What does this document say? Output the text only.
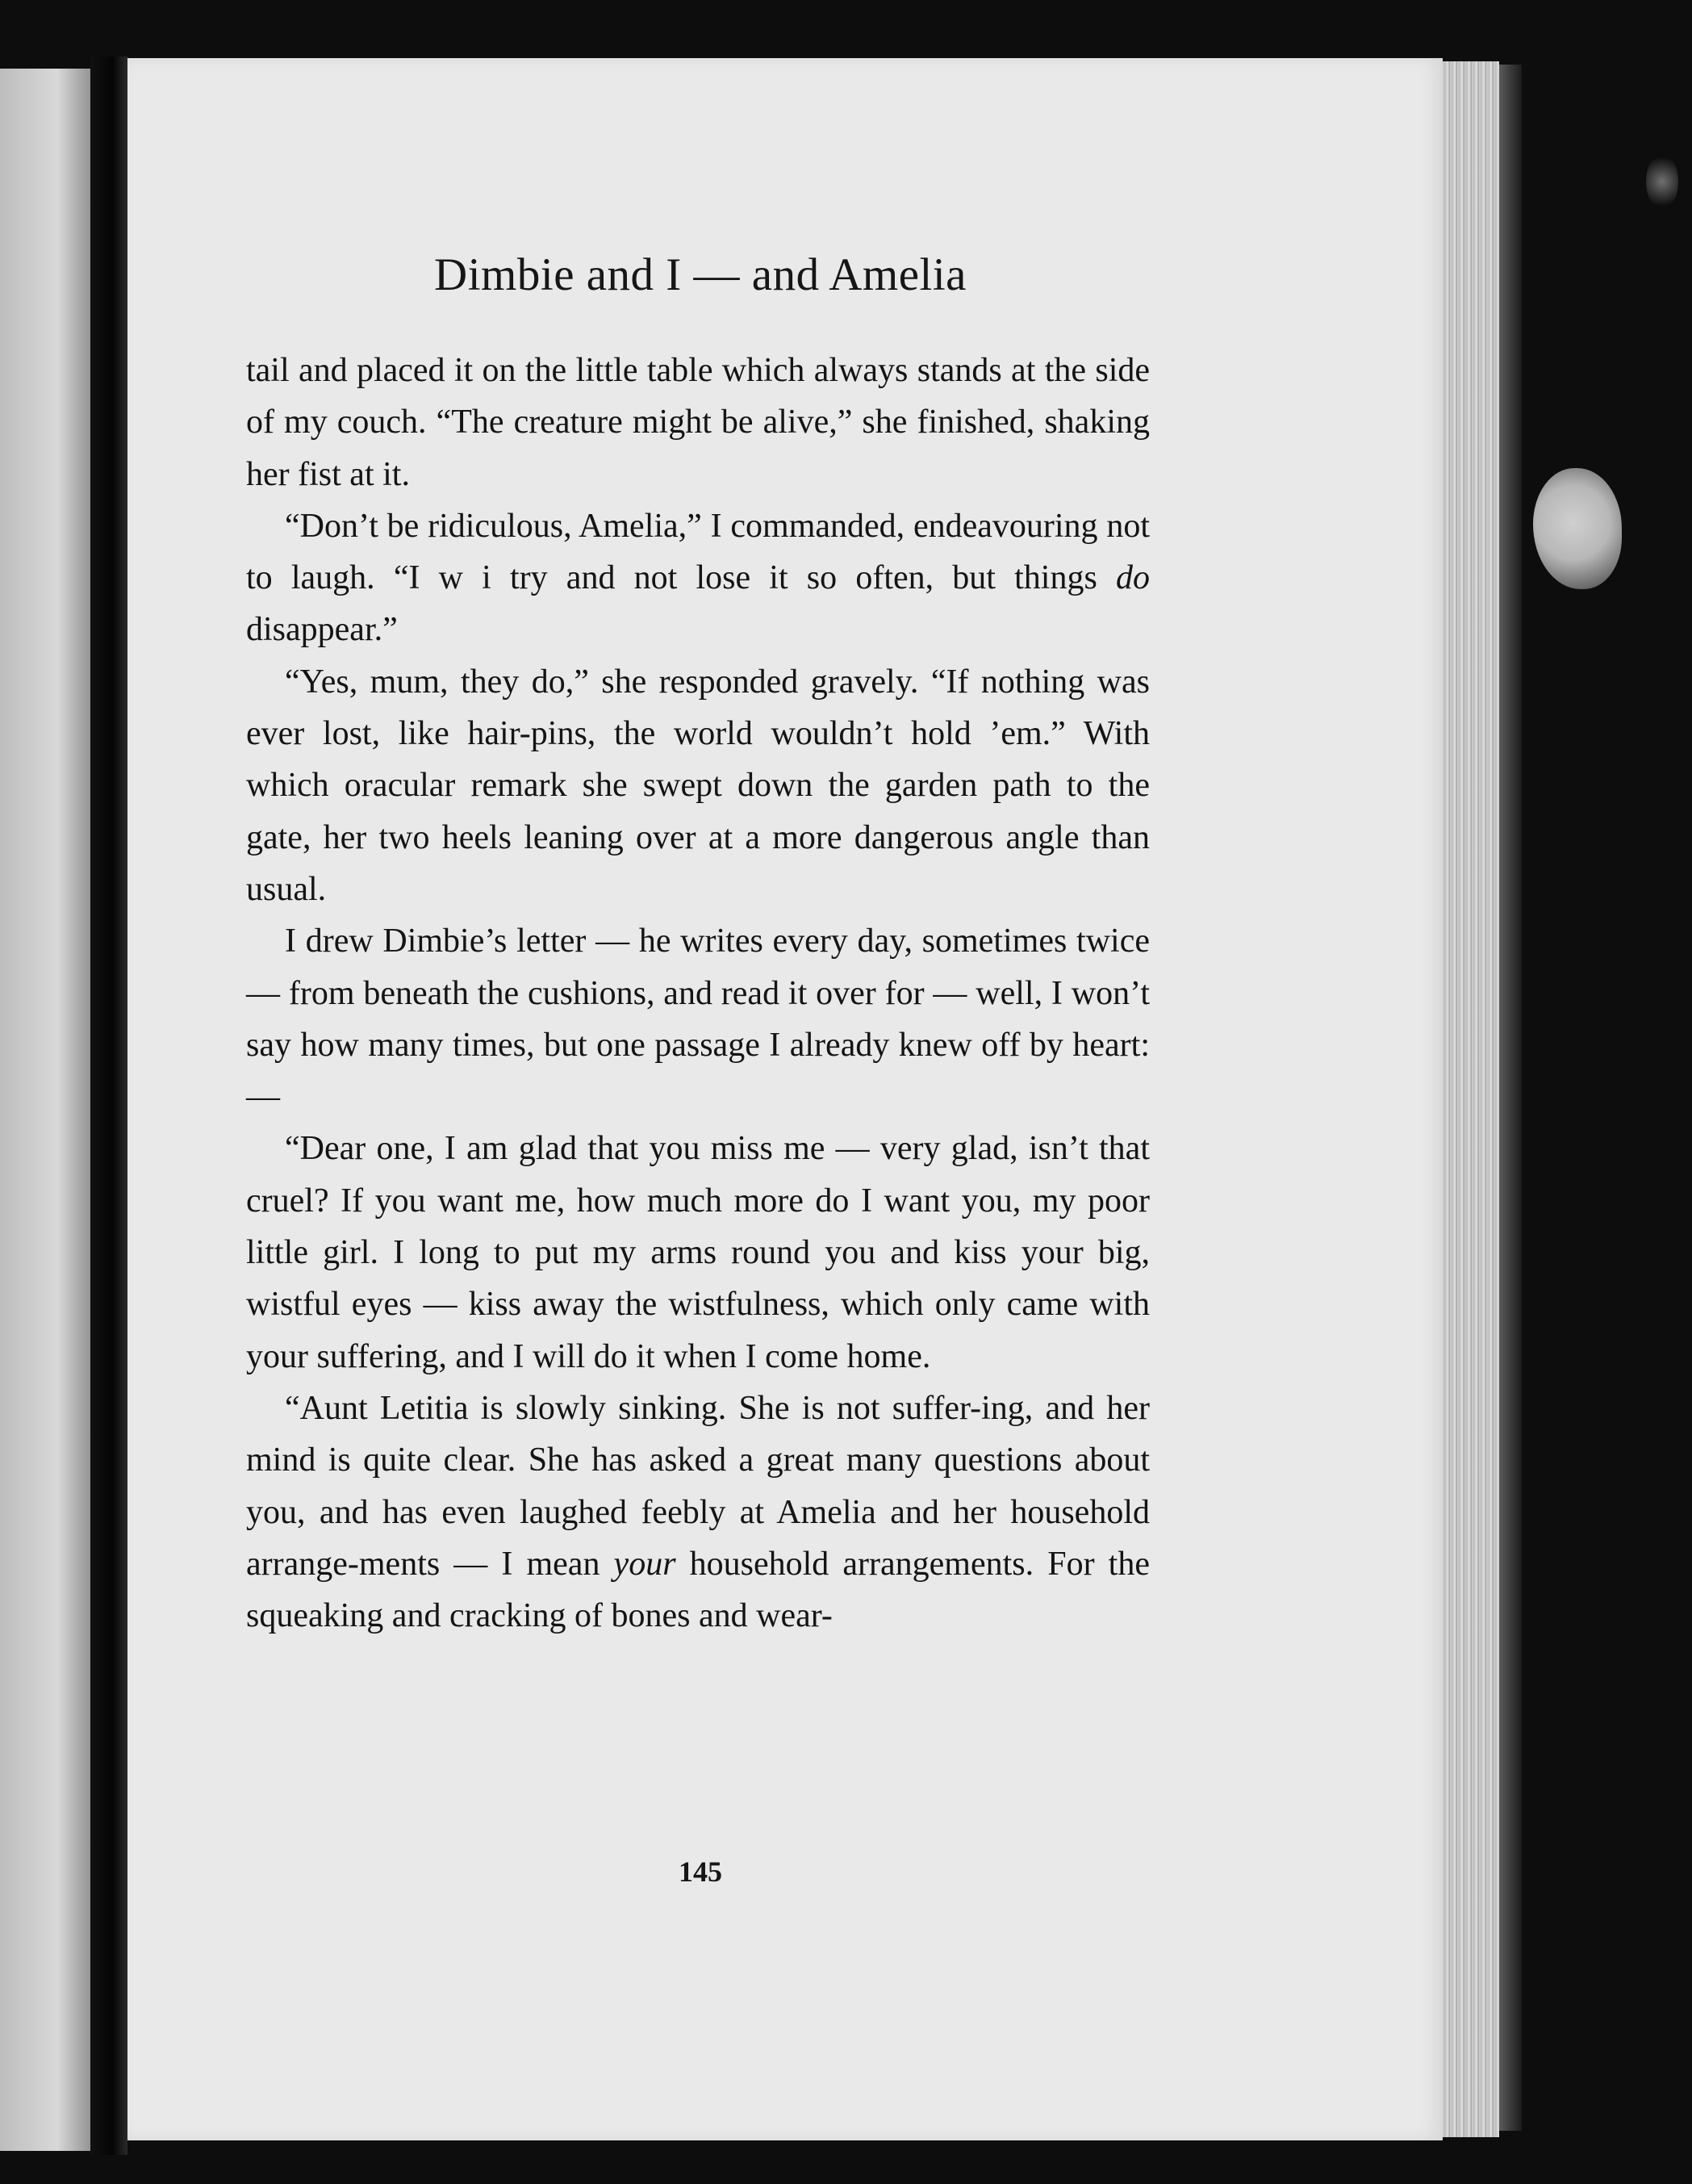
Dimbie and I — and Amelia

tail and placed it on the little table which always stands at the side of my couch. “The creature might be alive,” she finished, shaking her fist at it.

“Don’t be ridiculous, Amelia,” I commanded, endeavouring not to laugh. “I w i try and not lose it so often, but things do disappear.”

“Yes, mum, they do,” she responded gravely. “If nothing was ever lost, like hair-pins, the world wouldn’t hold ’em.” With which oracular remark she swept down the garden path to the gate, her two heels leaning over at a more dangerous angle than usual.

I drew Dimbie’s letter — he writes every day, sometimes twice — from beneath the cushions, and read it over for — well, I won’t say how many times, but one passage I already knew off by heart: —

“Dear one, I am glad that you miss me — very glad, isn’t that cruel? If you want me, how much more do I want you, my poor little girl. I long to put my arms round you and kiss your big, wistful eyes — kiss away the wistfulness, which only came with your suffering, and I will do it when I come home.

“Aunt Letitia is slowly sinking. She is not suffer-ing, and her mind is quite clear. She has asked a great many questions about you, and has even laughed feebly at Amelia and her household arrange-ments — I mean your household arrangements. For the squeaking and cracking of bones and wear-

145
